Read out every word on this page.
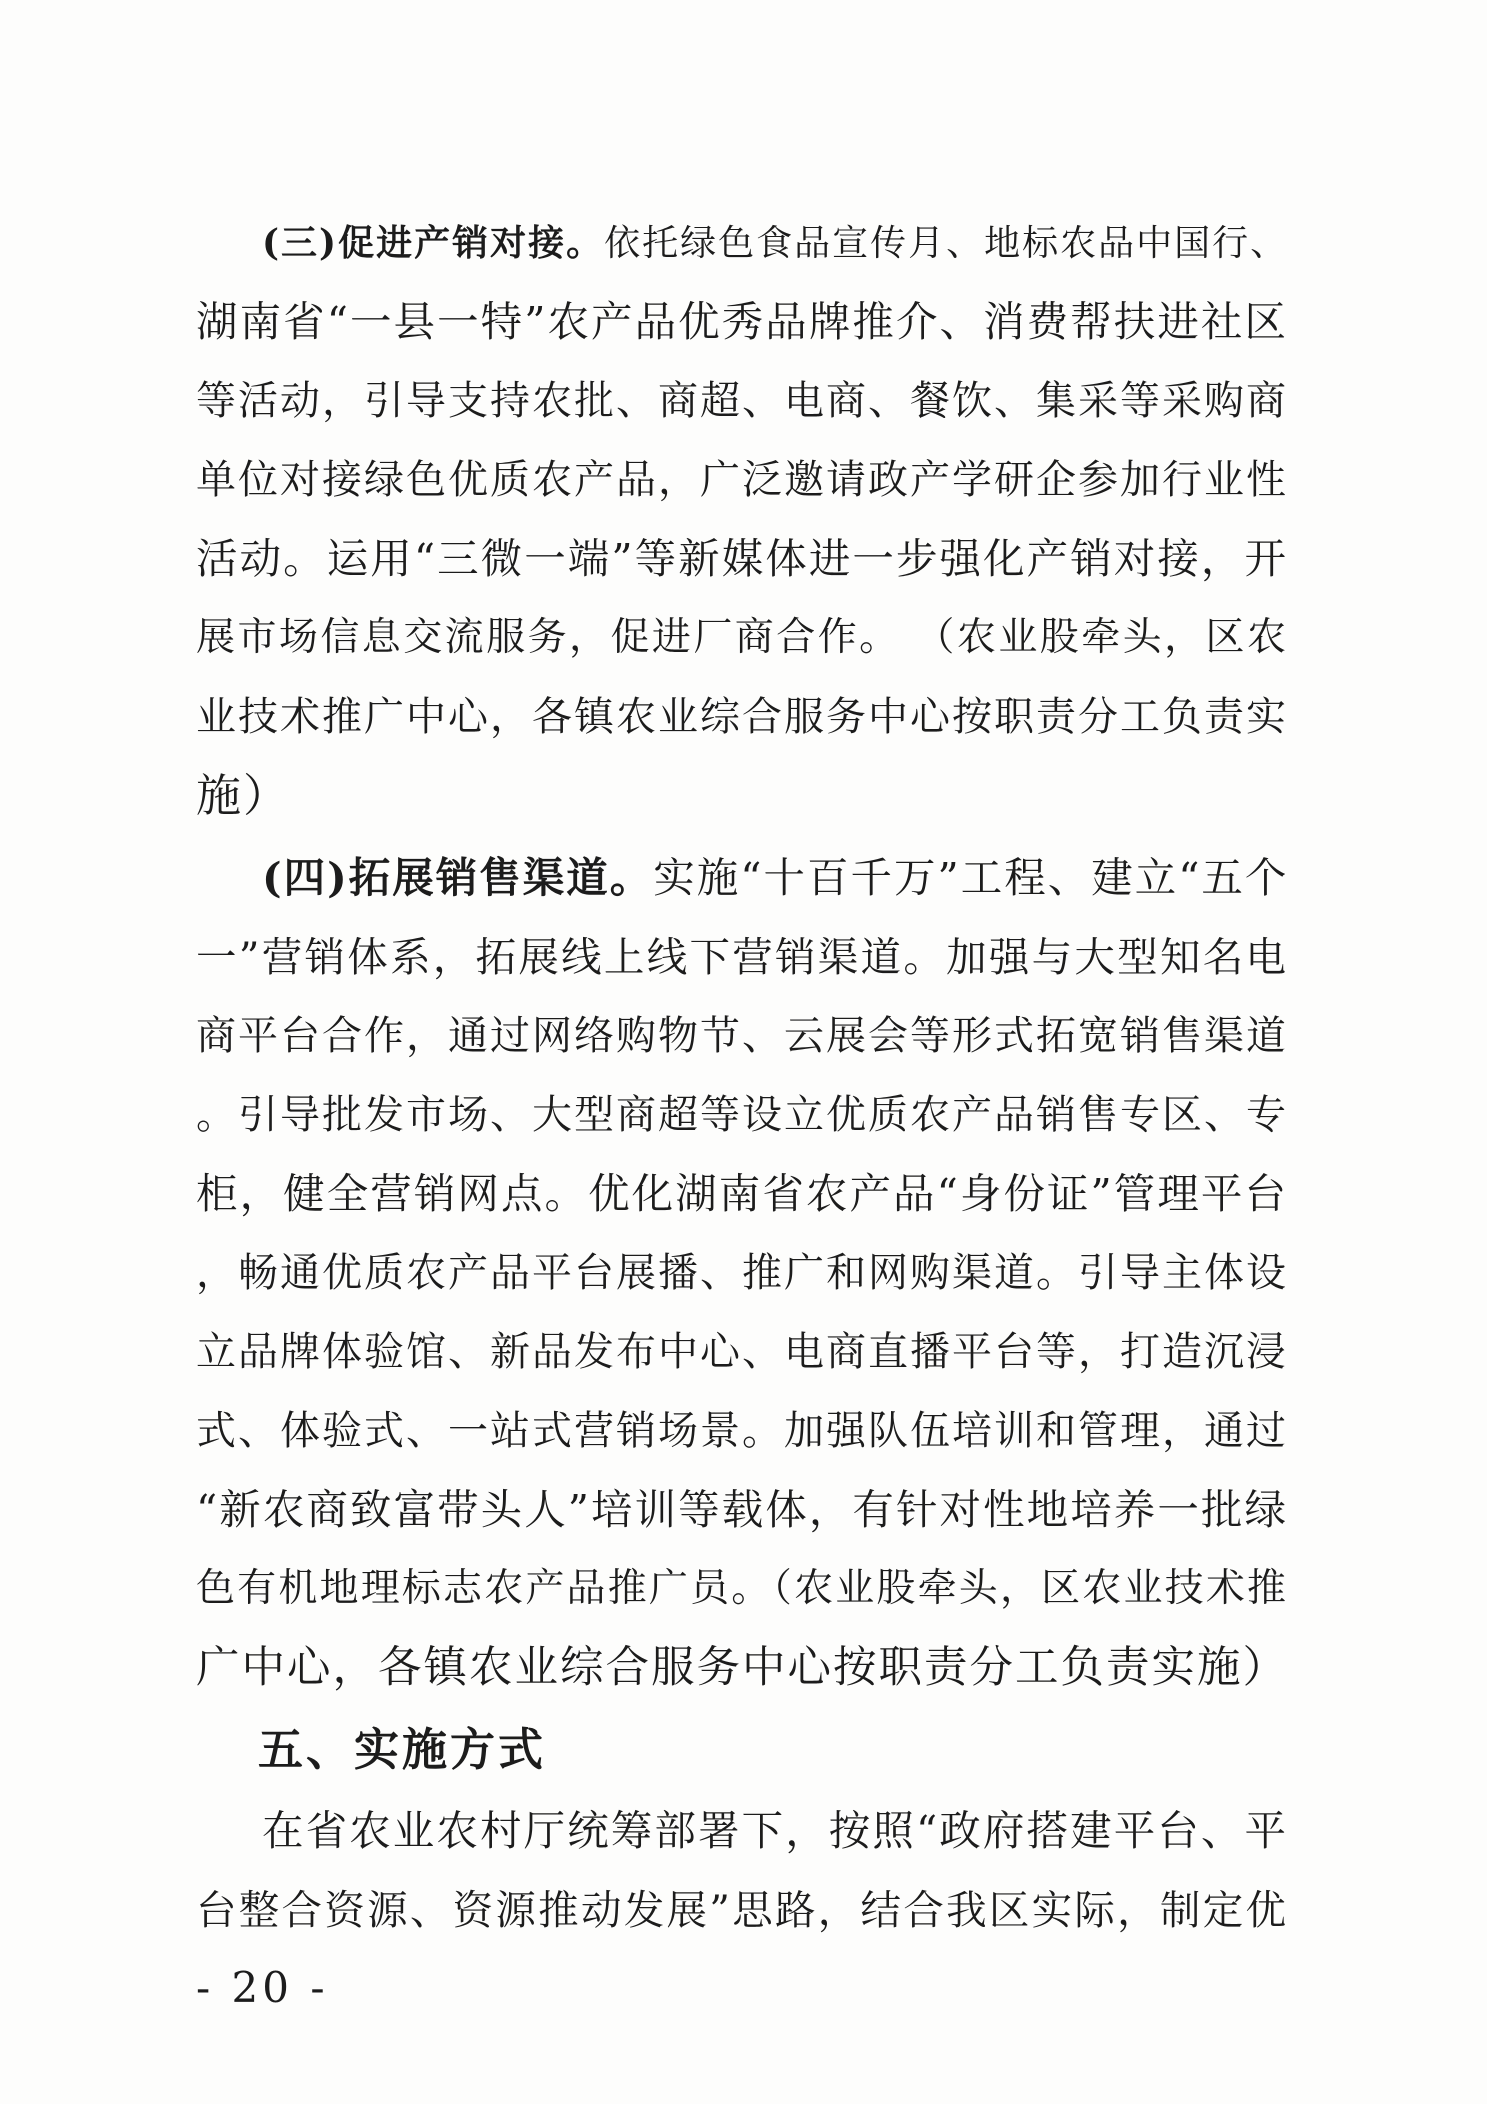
(三)促进产销对接。依托绿色食品宣传月、地标农品中国行、
湖南省“一县一特”农产品优秀品牌推介、消费帮扶进社区
等活动，引导支持农批、商超、电商、餐饮、集采等采购商
单位对接绿色优质农产品，广泛邀请政产学研企参加行业性
活动。运用“三微一端”等新媒体进一步强化产销对接，开
展市场信息交流服务，促进厂商合作。 （农业股牵头，区农
业技术推广中心，各镇农业综合服务中心按职责分工负责实
施）
(四)拓展销售渠道。实施“十百千万”工程、建立“五个
一”营销体系，拓展线上线下营销渠道。加强与大型知名电
商平台合作，通过网络购物节、云展会等形式拓宽销售渠道
。引导批发市场、大型商超等设立优质农产品销售专区、专
柜，健全营销网点。优化湖南省农产品“身份证”管理平台
，畅通优质农产品平台展播、推广和网购渠道。引导主体设
立品牌体验馆、新品发布中心、电商直播平台等，打造沉浸
式、体验式、一站式营销场景。加强队伍培训和管理，通过
“新农商致富带头人”培训等载体，有针对性地培养一批绿
色有机地理标志农产品推广员。（农业股牵头，区农业技术推
广中心，各镇农业综合服务中心按职责分工负责实施）
五、实施方式
在省农业农村厅统筹部署下，按照“政府搭建平台、平
台整合资源、资源推动发展”思路，结合我区实际，制定优
- 20 -
